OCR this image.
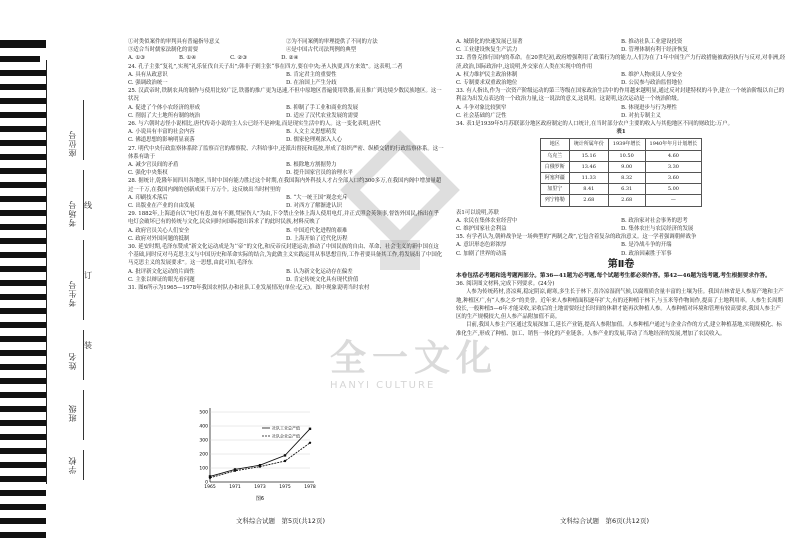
座位号
考场号
考生号
姓名
班级
学校
线
订
装	全一文化
HANYI CULTURE
①对类似案件的审判具有普遍指导意义	②为不同案例的审理提供了不同的方法
③适合当时儒家法制化的需要	④是中国古代司法判例的典型
A. ①③	B. ①④	C. ②③	D. ②④

24. 孔子主张“复礼”,实现“礼乐征伐自天子出”;韩非子则主张“事在四方,要在中央;圣人执要,四方来效”。这表明,二者

A. 具有从政意识	B. 肯定君主的重要性
C. 强调政治统一	D. 在治国上产生分歧

25. 汉武帝时,铁制农具的制作与使用比较广泛,铁器的推广更为迅速,不但中原地区普遍使用铁器,而且推广到边境少数民族地区。这一状况

A. 促进了个体小农经济的形成	B. 抑制了手工业和商业的发展
C. 削弱了大土地所有制的统治	D. 适应了汉代农业发展的需要

26. 与六朝时志怪小说相比,唐代传奇小说的主人公已经不是神鬼,而是现实生活中的人。这一变化表明,唐代

A. 小说具有丰富的社会内容	B. 人文主义思想萌发
C. 佛道思想的影响明显衰落	D. 儒家伦理观深入人心

27. 明代中央行政监察体系除了监察百官的都察院、六科给事中,还派出督抚和巡按,形成了组织严密、纵横交错的行政监察体系。这一体系有助于

A. 减少官员间的矛盾	B. 根除地方割据势力
C. 强化中央集权	D. 提升国家官员的治理水平

28. 据统计,乾隆年间四川各地区,当时中国有能力胜过这个时期,在我国海内外科技人才占全部人口约300多万,在我国内阁中增加量超过一千万,在我国内阁的创新成果千万万个。这反映出当时村里的

A. 印刷技术落后	B. “大一统王国”观念充斥
C. 出版业在产业的自由发展	D. 对西方了解渐进认识

29. 1882年,上海道台以“电灯有患,如有不测,焚屋伤人”为由,下令禁止全体上海人使用电灯,并正式照会英领事,督饬外国民,指出在乎电灯会破坏已有的传统与文化,民众同时向国际提出诉求了的此时民族,材料反映了

A. 政府官员关心人们安全	B. 中国近代化进程的艰难
C. 政府对外国问题的抵制	D. 上海开始了近代化历程

30. 延安时期,毛泽东赞成“新文化运动成是为‘‘帝’’的文化,和反帝反封建运动,推动了中国民族的自由、革命、社会主义的新中国在这个基础,同时反对马克思主义与中国历史和革命实际的结合,为此做主义实践运用从事思想宣传,工作者要具备其工作,将发展出了中国化马克思主义的发展要求”。这一思想,由此可知,毛泽东

A. 批评新文化运动的片面性	B. 认为新文化运动存在偏差
C. 主张以辩证的眼光看问题	D. 肯定传统文化具有现代价值

31. 图6所示为1965—1978年我国农村队办和社队工业发展情况(单位:亿元)。图中现象说明当时农村

0
100
200
300
400
500
1965	1971	1973	1975	1978
社队工业总产值
社队企业总产值
图6
A. 城镇化的快速发展已显著	B. 推动社队工业建设投资
C. 工业建设恢复生产活力	D. 管理体制有利于经济恢复

32. 普鲁克推行国内的革命。在20世纪初,政府增强利用了政策行为的能力,人们为在了1年中间生产力行政措施被政府执行与反对,对非洲,经济,政治,国际政治中,这说明,外交家在人类在实现中的作用

A. 权力维护民主政治体制	B. 维护人物成员人身安全
C. 专制要求双重政治地位	D. 公民参与政治监督地位

33. 有人指出,作为一次资产阶级运动的第三等级在国家政治生活中的作用越来越明显,通过反对封建特权的斗争,建立一个统治阶级以自己的利益为出发点表达的一个政治力量,这一说法的意义,这说明。这说明,这次运动是一个统治阶级。

A. 斗争对象比较狭窄	B. 体现进步与行为理性
C. 社会基础的广泛性	D. 对抗专制主义

34. 表1是1939年5月苏联部分地区政府制定的人口统计,在当时部分农户主要的收入与其他地区不同的财政比:万户。

表1
地区	统计所属年份	1939年增长	1940年年月计划增长
乌克兰	15.16	10.50	4.60
白俄罗斯	13.46	9.00	3.30
阿塞拜疆	11.33	8.32	3.60
加里宁	8.41	6.31	5.00
列宁格勒	2.68	2.68	—

表1可以说明,苏联

A. 农民在集体农业经营中	B. 政治家对社会事务的思考
C. 维护国家社会利益	D. 集体农庄与农民经济的发展

35. 有学者认为,朝鲜战争是一场典型的“两制之战”,它包含着复杂的政治意义。这一学者强调朝鲜战争

A. 意识形态色彩浓厚	B. 是冷战斗争的开端
C. 加剧了世界的动荡	D. 政治因素胜于军事
第Ⅱ卷

本卷包括必考题和选考题两部分。第36—41题为必考题,每个试题考生都必须作答。第42—46题为选考题,考生根据要求作答。

36. 阅读图文材料,完成下列要求。(24分)

人参为传统药材,喜凉爽,稳定阴凉,耐寒,多生长于林下,喜冷凉湿润气候,以腐殖质含量丰富的土壤为佳。我国吉林省是人参原产地和主产地,种植区广,有“人参之乡”的美誉。近年来人参种植面积逐年扩大,有的还种植于林下,与玉米等作物间作,提高了土地利用率。人参生长周期较长,一般种植5—6年才能采收,采收后的土地需要经过长时间的休耕才能再次种植人参。人参种植对环境和管理有较高要求,我国人参主产区的生产规模较大,但人参产品附加值不高。

目前,我国人参主产区通过发展深加工,延长产业链,提高人参附加值。人参种植户通过与企业合作的方式,建立种植基地,实现规模化、标准化生产,形成了种植、加工、销售一体化的产业链条。人参产业的发展,带动了当地经济的发展,增加了农民收入。

文科综合试题　第5页(共12页)	文科综合试题　第6页(共12页)
